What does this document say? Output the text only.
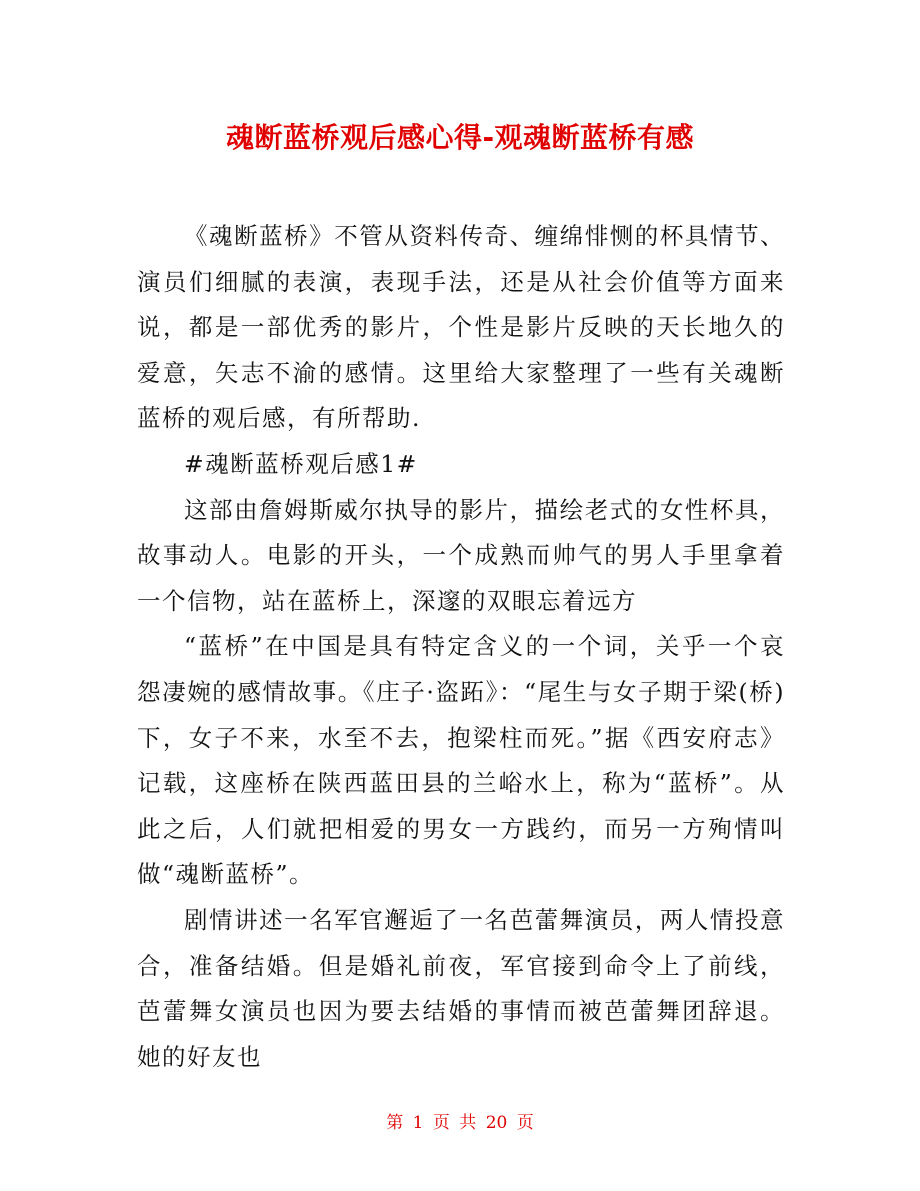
魂断蓝桥观后感心得-观魂断蓝桥有感

《魂断蓝桥》不管从资料传奇、缠绵悱恻的杯具情节、演员们细腻的表演，表现手法，还是从社会价值等方面来说，都是一部优秀的影片，个性是影片反映的天长地久的爱意，矢志不渝的感情。这里给大家整理了一些有关魂断蓝桥的观后感，有所帮助.

#魂断蓝桥观后感1#

这部由詹姆斯威尔执导的影片，描绘老式的女性杯具，故事动人。电影的开头，一个成熟而帅气的男人手里拿着一个信物，站在蓝桥上，深邃的双眼忘着远方

“蓝桥”在中国是具有特定含义的一个词，关乎一个哀怨凄婉的感情故事。《庄子·盗跖》：“尾生与女子期于梁(桥)下，女子不来，水至不去，抱梁柱而死。”据《西安府志》记载，这座桥在陕西蓝田县的兰峪水上，称为“蓝桥”。从此之后，人们就把相爱的男女一方践约，而另一方殉情叫做“魂断蓝桥”。

剧情讲述一名军官邂逅了一名芭蕾舞演员，两人情投意合，准备结婚。但是婚礼前夜，军官接到命令上了前线，芭蕾舞女演员也因为要去结婚的事情而被芭蕾舞团辞退。她的好友也

第 1 页 共 20 页
